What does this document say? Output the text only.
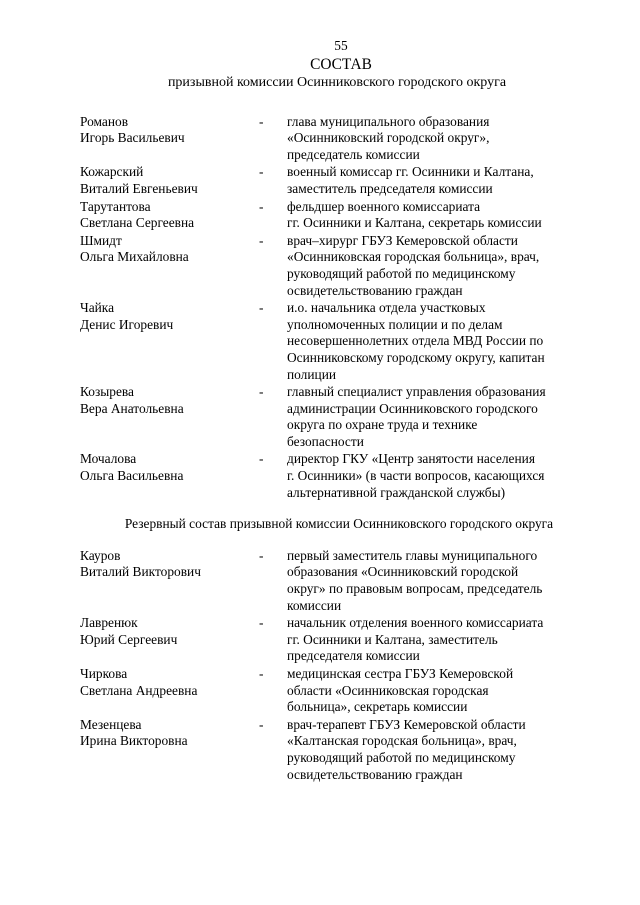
55
СОСТАВ
призывной комиссии Осинниковского городского округа
Романов
Игорь Васильевич
-	глава муниципального образования
«Осинниковский городской округ»,
председатель комиссии
Кожарский
Виталий Евгеньевич
-	военный комиссар гг. Осинники и Калтана,
заместитель председателя комиссии
Тарутантова
Светлана Сергеевна
-	фельдшер военного комиссариата
гг. Осинники и Калтана, секретарь комиссии
Шмидт
Ольга Михайловна
-	врач–хирург ГБУЗ Кемеровской области
«Осинниковская городская больница», врач,
руководящий работой по медицинскому
освидетельствованию граждан
Чайка
Денис Игоревич
-	и.о. начальника отдела участковых
уполномоченных полиции и по делам
несовершеннолетних отдела МВД России по
Осинниковскому городскому округу, капитан
полиции
Козырева
Вера Анатольевна
-	главный специалист управления образования
администрации Осинниковского городского
округа по охране труда и технике
безопасности
Мочалова
Ольга Васильевна
-	директор ГКУ «Центр занятости населения
г. Осинники» (в части вопросов, касающихся
альтернативной гражданской службы)
Резервный состав призывной комиссии Осинниковского городского округа
Кауров
Виталий Викторович
-	первый заместитель главы муниципального
образования «Осинниковский городской
округ» по правовым вопросам, председатель
комиссии
Лавренюк
Юрий Сергеевич
-	начальник отделения военного комиссариата
гг. Осинники и Калтана, заместитель
председателя комиссии
Чиркова
Светлана Андреевна
-	медицинская сестра ГБУЗ Кемеровской
области «Осинниковская городская
больница», секретарь комиссии
Мезенцева
Ирина Викторовна
-	врач-терапевт ГБУЗ Кемеровской области
«Калтанская городская больница», врач,
руководящий работой по медицинскому
освидетельствованию граждан
